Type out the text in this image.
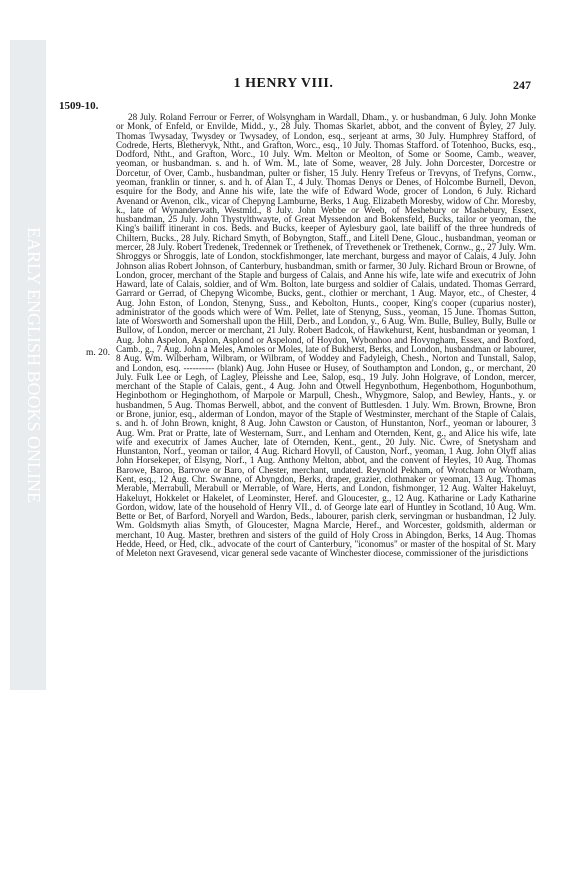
EARLY ENGLISH BOOKS ONLINE
1 HENRY VIII.	247
1509-10.
m. 20.

28 July. Roland Ferrour or Ferrer, of Wolsyngham in Wardall, Dham., y. or husbandman, 6 July. John Monke or Monk, of Enfeld, or Envilde, Midd., y., 28 July. Thomas Skarlet, abbot, and the convent of Byley, 27 July. Thomas Twysaday, Twysdey or Twysadey, of London, esq., serjeant at arms, 30 July. Humphrey Stafford, of Codrede, Herts, Blethervyk, Ntht., and Grafton, Worc., esq., 10 July. Thomas Stafford. of Totenhoo, Bucks, esq., Dodford, Ntht., and Grafton, Worc., 10 July. Wm. Melton or Meolton, of Some or Soome, Camb., weaver, yeoman, or husbandman. s. and h. of Wm. M., late of Some, weaver, 28 July. John Dorcester, Dorcestre or Dorcetur, of Over, Camb., husbandman, pulter or fisher, 15 July. Henry Trefeus or Trevyns, of Trefyns, Cornw., yeoman, franklin or tinner, s. and h. of Alan T., 4 July. Thomas Denys or Denes, of Holcombe Burnell, Devon, esquire for the Body, and Anne his wife, late the wife of Edward Wode, grocer of London, 6 July. Richard Avenand or Avenon, clk., vicar of Chepyng Lamburne, Berks, 1 Aug. Elizabeth Moresby, widow of Chr. Moresby, k., late of Wynanderwath, Westmld., 8 July. John Webbe or Weeb, of Meshebury or Mashebury, Essex, husbandman, 25 July. John Thystylthwayte, of Great Myssendon and Bokensfeld, Bucks, tailor or yeoman, the King's bailiff itinerant in cos. Beds. and Bucks, keeper of Aylesbury gaol, late bailiff of the three hundreds of Chiltern, Bucks., 28 July. Richard Smyth, of Bobyngton, Staff., and Litell Dene, Glouc., husbandman, yeoman or mercer, 28 July. Robert Tredenek, Tredennek or Trethenek, of Trevethenek or Trethenek, Cornw., g., 27 July. Wm. Shroggys or Shroggis, late of London, stockfishmonger, late merchant, burgess and mayor of Calais, 4 July. John Johnson alias Robert Johnson, of Canterbury, husbandman, smith or farmer, 30 July. Richard Broun or Browne, of London, grocer, merchant of the Staple and burgess of Calais, and Anne his wife, late wife and executrix of John Haward, late of Calais, soldier, and of Wm. Bolton, late burgess and soldier of Calais, undated. Thomas Gerrard, Garrard or Gerrad, of Chepyng Wicombe, Bucks, gent., clothier or merchant, 1 Aug. Mayor, etc., of Chester, 4 Aug. John Eston, of London, Stenyng, Suss., and Kebolton, Hunts., cooper, King's cooper (cuparius noster), administrator of the goods which were of Wm. Pellet, late of Stenyng, Suss., yeoman, 15 June. Thomas Sutton, late of Worsworth and Somershall upon the Hill, Derb., and London, y., 6 Aug. Wm. Bulle, Bulley, Bully, Bulle or Bullow, of London, mercer or merchant, 21 July. Robert Badcok, of Hawkehurst, Kent, husbandman or yeoman, 1 Aug. John Aspelon, Asplon, Asplond or Aspelond, of Hoydon, Wybonhoo and Hovyngham, Essex, and Boxford, Camb., g., 7 Aug. John a Meles, Amoles or Moles, late of Bukherst, Berks, and London, husbandman or labourer, 8 Aug. Wm. Wilberham, Wilbram, or Wilbram, of Woddey and Fadyleigh, Chesh., Norton and Tunstall, Salop, and London, esq. ---------- (blank) Aug. John Husee or Husey, of Southampton and London, g., or merchant, 20 July. Fulk Lee or Legh, of Lagley, Pleisshe and Lee, Salop, esq., 19 July. John Holgrave, of London, mercer, merchant of the Staple of Calais, gent., 4 Aug. John and Otwell Hegynbothum, Hegenbothom, Hogunbothum, Heginbothom or Heginghothom, of Marpole or Marpull, Chesh., Whygmore, Salop, and Bewley, Hants., y. or husbandmen, 5 Aug. Thomas Berwell, abbot, and the convent of Buttlesden. 1 July. Wm. Brown, Browne, Bron or Brone, junior, esq., alderman of London, mayor of the Staple of Westminster, merchant of the Staple of Calais, s. and h. of John Brown, knight, 8 Aug. John Cawston or Causton, of Hunstanton, Norf., yeoman or labourer, 3 Aug. Wm. Prat or Pratte, late of Westernam, Surr., and Lenham and Oternden, Kent, g., and Alice his wife, late wife and executrix of James Aucher, late of Oternden, Kent., gent., 20 July. Nic. Cwre, of Snetysham and Hunstanton, Norf., yeoman or tailor, 4 Aug. Richard Hovyll, of Causton, Norf., yeoman, 1 Aug. John Olyff alias John Horsekeper, of Elsyng, Norf., 1 Aug. Anthony Melton, abbot, and the convent of Heyles, 10 Aug. Thomas Barowe, Baroo, Barrowe or Baro, of Chester, merchant, undated. Reynold Pekham, of Wrotcham or Wrotham, Kent, esq., 12 Aug. Chr. Swanne, of Abyngdon, Berks, draper, grazier, clothmaker or yeoman, 13 Aug. Thomas Merable, Merrabull, Merabull or Merrable, of Ware, Herts, and London, fishmonger, 12 Aug. Walter Hakeluyt, Hakeluyt, Hokkelet or Hakelet, of Leominster, Heref. and Gloucester, g., 12 Aug. Katharine or Lady Katharine Gordon, widow, late of the household of Henry VII., d. of George late earl of Huntley in Scotland, 10 Aug. Wm. Bette or Bet, of Barford, Noryell and Wardon, Beds., labourer, parish clerk, servingman or husbandman, 12 July. Wm. Goldsmyth alias Smyth, of Gloucester, Magna Marcle, Heref., and Worcester, goldsmith, alderman or merchant, 10 Aug. Master, brethren and sisters of the guild of Holy Cross in Abingdon, Berks, 14 Aug. Thomas Hedde, Heed, or Hed, clk., advocate of the court of Canterbury, "iconomus" or master of the hospital of St. Mary of Meleton next Gravesend, vicar general sede vacante of Winchester diocese, commissioner of the jurisdictions
